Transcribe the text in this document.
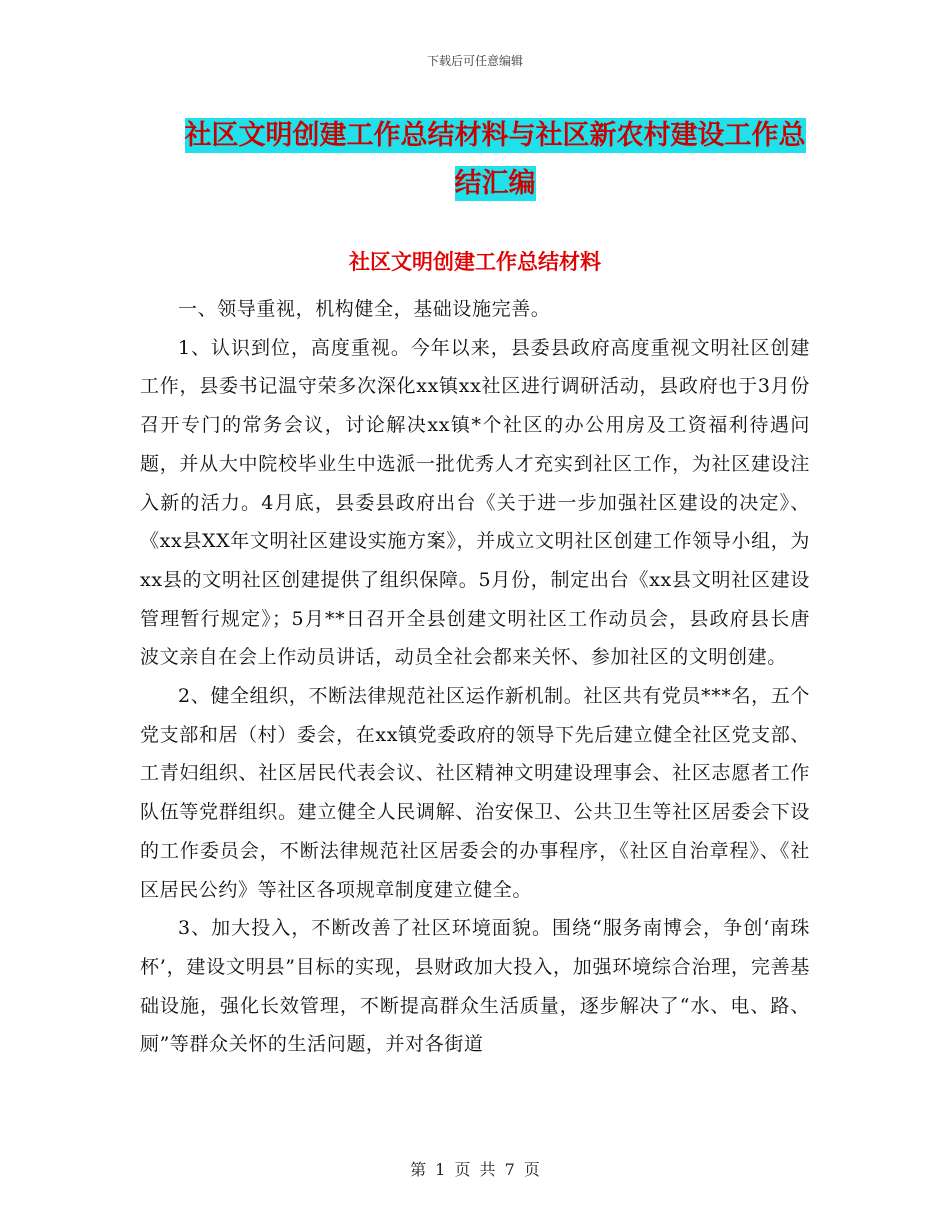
下载后可任意编辑
社区文明创建工作总结材料与社区新农村建设工作总结汇编
社区文明创建工作总结材料

一、领导重视，机构健全，基础设施完善。

1、认识到位，高度重视。今年以来，县委县政府高度重视文明社区创建工作，县委书记温守荣多次深化xx镇xx社区进行调研活动，县政府也于3月份召开专门的常务会议，讨论解决xx镇*个社区的办公用房及工资福利待遇问题，并从大中院校毕业生中选派一批优秀人才充实到社区工作，为社区建设注入新的活力。4月底，县委县政府出台《关于进一步加强社区建设的决定》、《xx县XX年文明社区建设实施方案》，并成立文明社区创建工作领导小组，为xx县的文明社区创建提供了组织保障。5月份，制定出台《xx县文明社区建设管理暂行规定》；5月**日召开全县创建文明社区工作动员会，县政府县长唐波文亲自在会上作动员讲话，动员全社会都来关怀、参加社区的文明创建。

2、健全组织，不断法律规范社区运作新机制。社区共有党员***名，五个党支部和居（村）委会，在xx镇党委政府的领导下先后建立健全社区党支部、工青妇组织、社区居民代表会议、社区精神文明建设理事会、社区志愿者工作队伍等党群组织。建立健全人民调解、治安保卫、公共卫生等社区居委会下设的工作委员会，不断法律规范社区居委会的办事程序，《社区自治章程》、《社区居民公约》等社区各项规章制度建立健全。

3、加大投入，不断改善了社区环境面貌。围绕“服务南博会，争创‘南珠杯’，建设文明县”目标的实现，县财政加大投入，加强环境综合治理，完善基础设施，强化长效管理，不断提高群众生活质量，逐步解决了“水、电、路、厕”等群众关怀的生活问题，并对各街道

第 1 页 共 7 页
